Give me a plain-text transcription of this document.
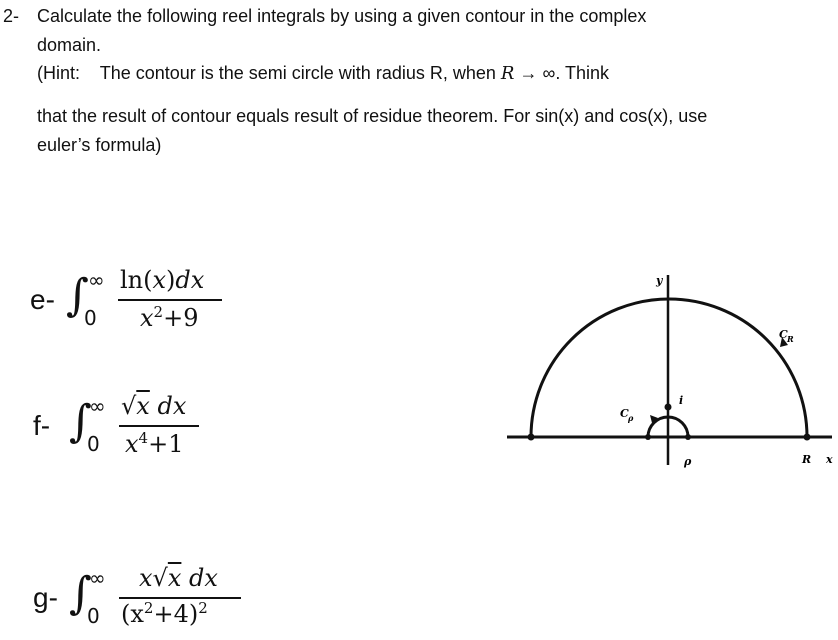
2- Calculate the following reel integrals by using a given contour in the complex
domain.
(Hint: The contour is the semi circle with radius R, when R → ∞. Think
that the result of contour equals result of residue theorem. For sin(x) and cos(x), use
euler’s formula)
e- ∫ ∞
0
ln(x)dx
$x^2+9$
f- ∫
∞
0
√x dx
$x^4+1$
g- ∫
∞
0
x√x dx
$(x^2+4)^2$
y
x
i
C R
C ρ
ρ	R
